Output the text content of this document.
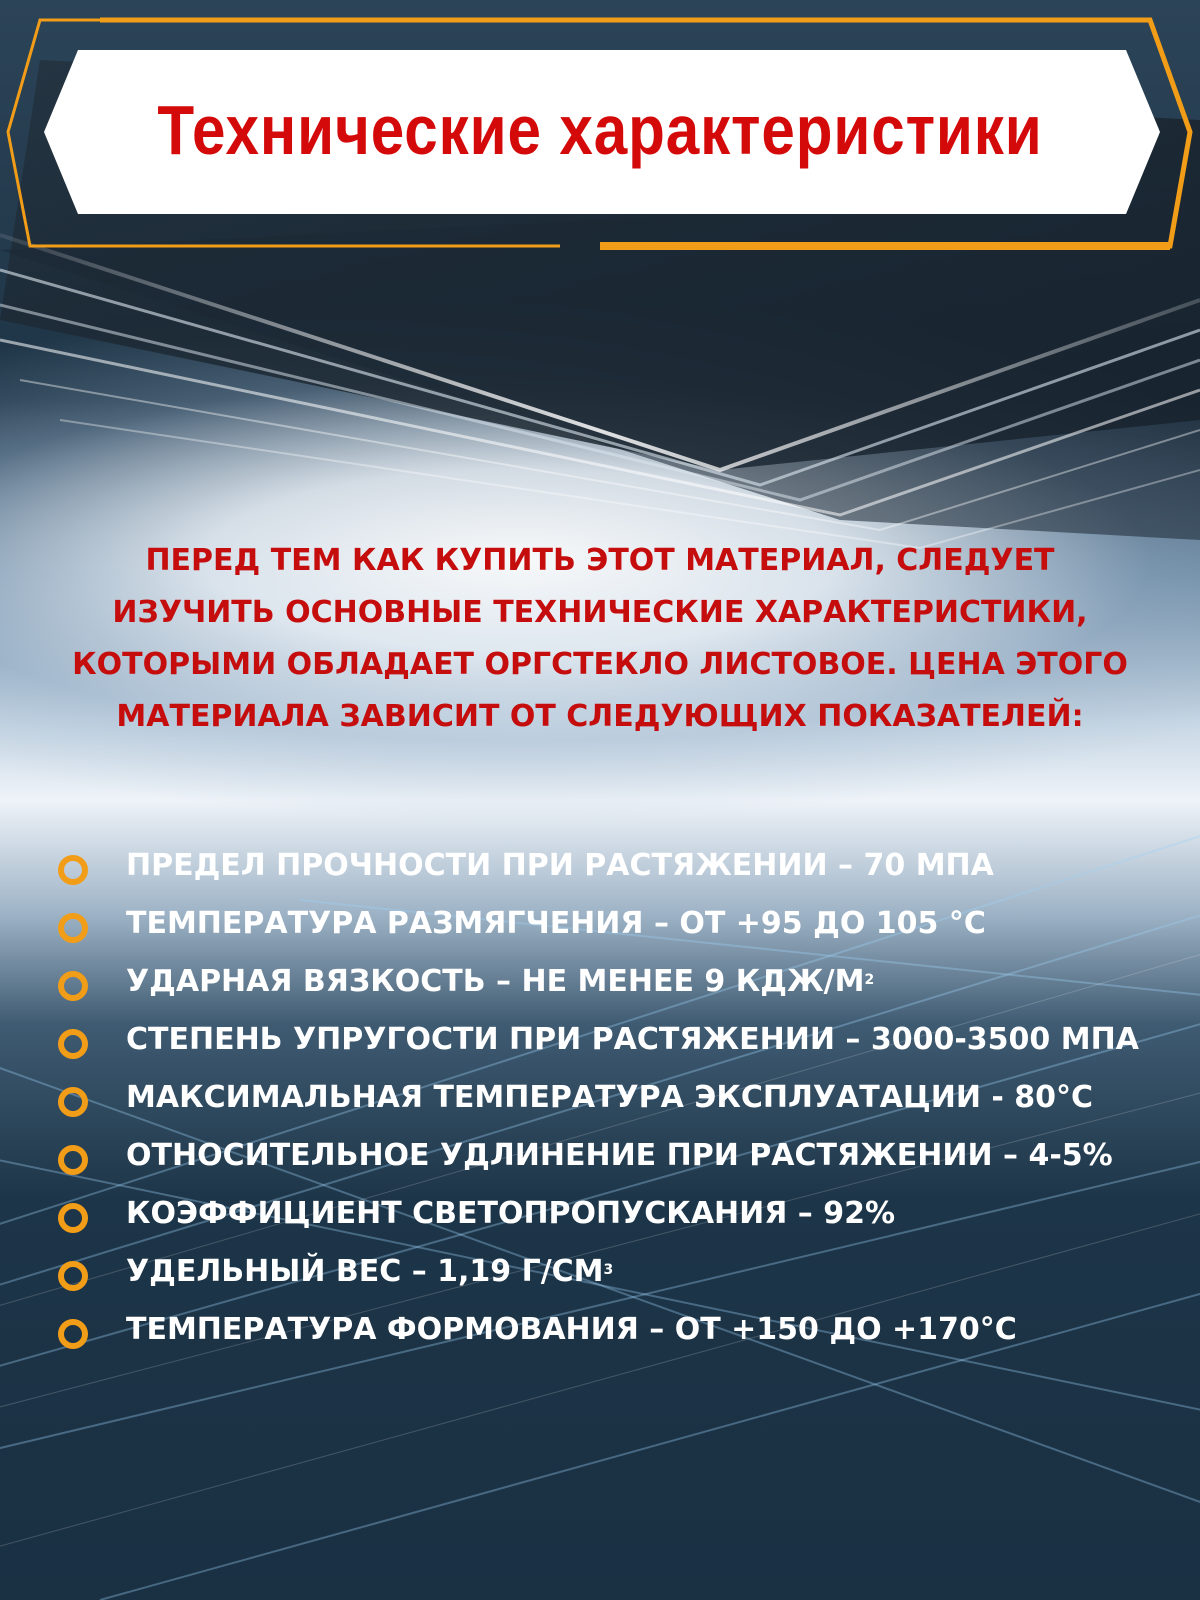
Технические характеристики
ПЕРЕД ТЕМ КАК КУПИТЬ ЭТОТ МАТЕРИАЛ, СЛЕДУЕТ ИЗУЧИТЬ ОСНОВНЫЕ ТЕХНИЧЕСКИЕ ХАРАКТЕРИСТИКИ, КОТОРЫМИ ОБЛАДАЕТ ОРГСТЕКЛО ЛИСТОВОЕ. ЦЕНА ЭТОГО МАТЕРИАЛА ЗАВИСИТ ОТ СЛЕДУЮЩИХ ПОКАЗАТЕЛЕЙ:
ПРЕДЕЛ ПРОЧНОСТИ ПРИ РАСТЯЖЕНИИ – 70 МПА
ТЕМПЕРАТУРА РАЗМЯГЧЕНИЯ – ОТ +95 ДО 105 °С
УДАРНАЯ ВЯЗКОСТЬ – НЕ МЕНЕЕ 9 КДЖ/$М^2$
СТЕПЕНЬ УПРУГОСТИ ПРИ РАСТЯЖЕНИИ – 3000-3500 МПА
МАКСИМАЛЬНАЯ ТЕМПЕРАТУРА ЭКСПЛУАТАЦИИ - 80°С
ОТНОСИТЕЛЬНОЕ УДЛИНЕНИЕ ПРИ РАСТЯЖЕНИИ – 4-5%
КОЭФФИЦИЕНТ СВЕТОПРОПУСКАНИЯ – 92%
УДЕЛЬНЫЙ ВЕС – 1,19 $Г/СМ^3$
ТЕМПЕРАТУРА ФОРМОВАНИЯ – ОТ +150 ДО +170°С
